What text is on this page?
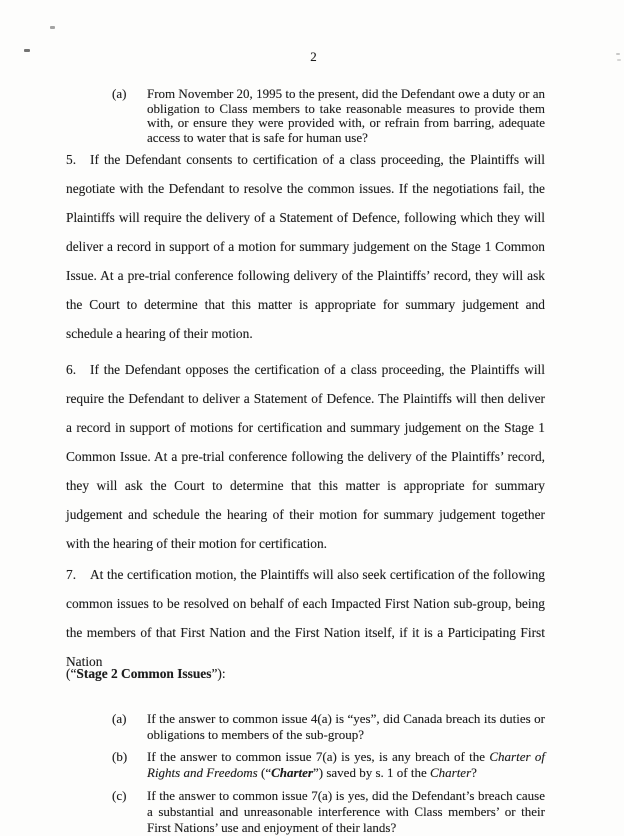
2
(a)	From November 20, 1995 to the present, did the Defendant owe a duty or an obligation to Class members to take reasonable measures to provide them with, or ensure they were provided with, or refrain from barring, adequate access to water that is safe for human use?

5. If the Defendant consents to certification of a class proceeding, the Plaintiffs will negotiate with the Defendant to resolve the common issues. If the negotiations fail, the Plaintiffs will require the delivery of a Statement of Defence, following which they will deliver a record in support of a motion for summary judgement on the Stage 1 Common Issue. At a pre-trial conference following delivery of the Plaintiffs’ record, they will ask the Court to determine that this matter is appropriate for summary judgement and schedule a hearing of their motion.

6. If the Defendant opposes the certification of a class proceeding, the Plaintiffs will require the Defendant to deliver a Statement of Defence. The Plaintiffs will then deliver a record in support of motions for certification and summary judgement on the Stage 1 Common Issue. At a pre-trial conference following the delivery of the Plaintiffs’ record, they will ask the Court to determine that this matter is appropriate for summary judgement and schedule the hearing of their motion for summary judgement together with the hearing of their motion for certification.

7. At the certification motion, the Plaintiffs will also seek certification of the following common issues to be resolved on behalf of each Impacted First Nation sub-group, being the members of that First Nation and the First Nation itself, if it is a Participating First Nation

(“Stage 2 Common Issues”):

(a)	If the answer to common issue 4(a) is “yes”, did Canada breach its duties or obligations to members of the sub-group?
(b)	If the answer to common issue 7(a) is yes, is any breach of the Charter of Rights and Freedoms (“Charter”) saved by s. 1 of the Charter?
(c)	If the answer to common issue 7(a) is yes, did the Defendant’s breach cause a substantial and unreasonable interference with Class members’ or their First Nations’ use and enjoyment of their lands?
